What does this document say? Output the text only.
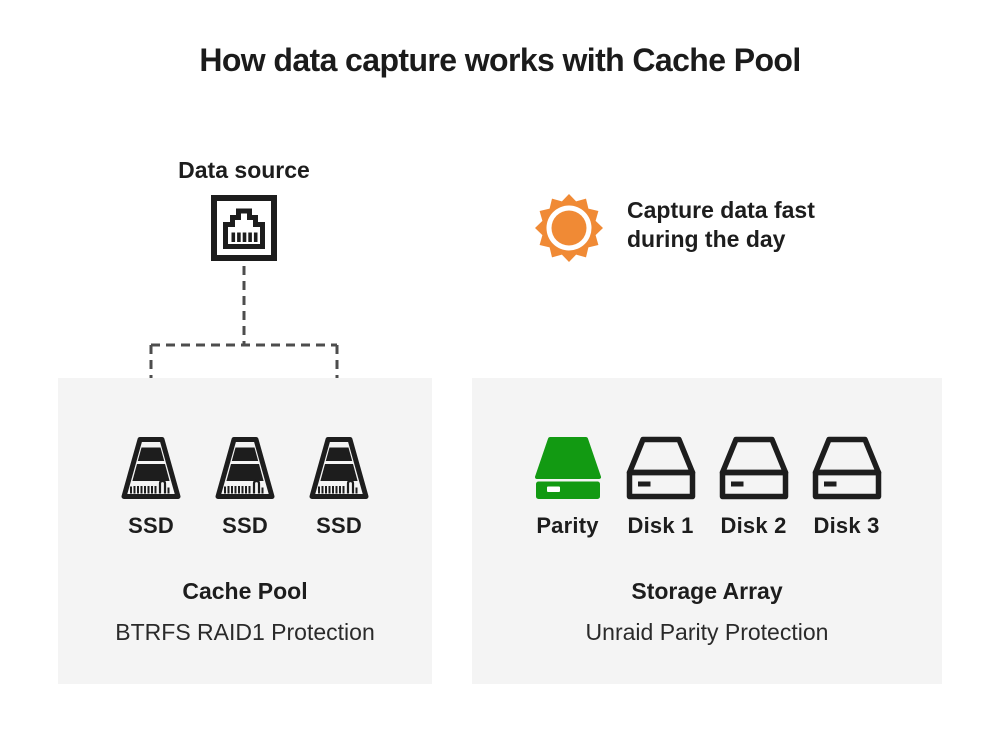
How data capture works with Cache Pool
Data source
Capture data fast
during the day
SSD SSD SSD
Cache Pool
BTRFS RAID1 Protection
Parity Disk 1 Disk 2 Disk 3
Storage Array
Unraid Parity Protection
